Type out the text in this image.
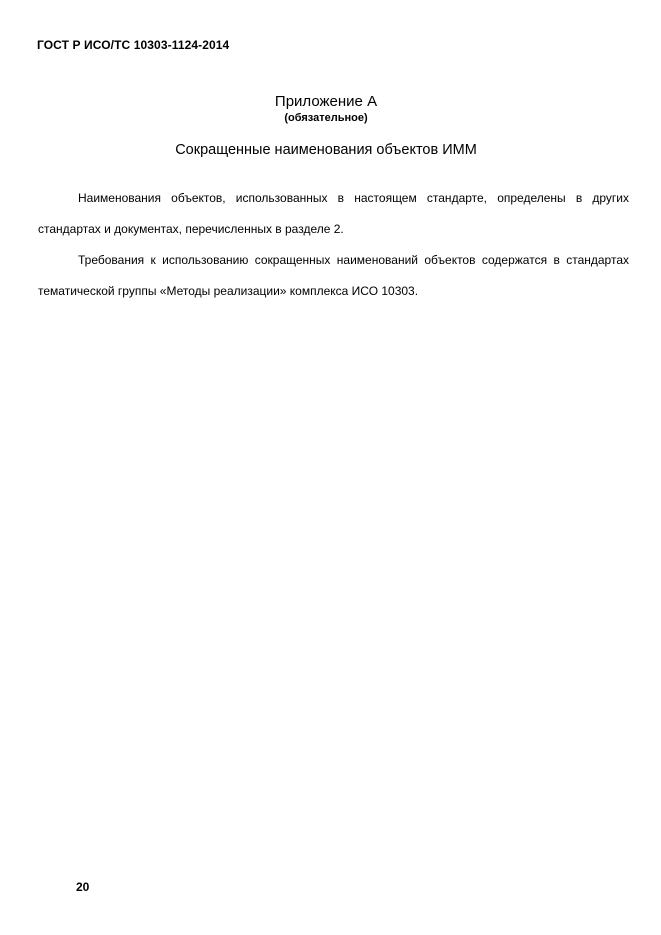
ГОСТ Р ИСО/ТС 10303-1124-2014
Приложение А
(обязательное)
Сокращенные наименования объектов ИММ

Наименования объектов, использованных в настоящем стандарте, определены в других стандартах и документах, перечисленных в разделе 2.

Требования к использованию сокращенных наименований объектов содержатся в стандартах тематической группы «Методы реализации» комплекса ИСО 10303.

20
